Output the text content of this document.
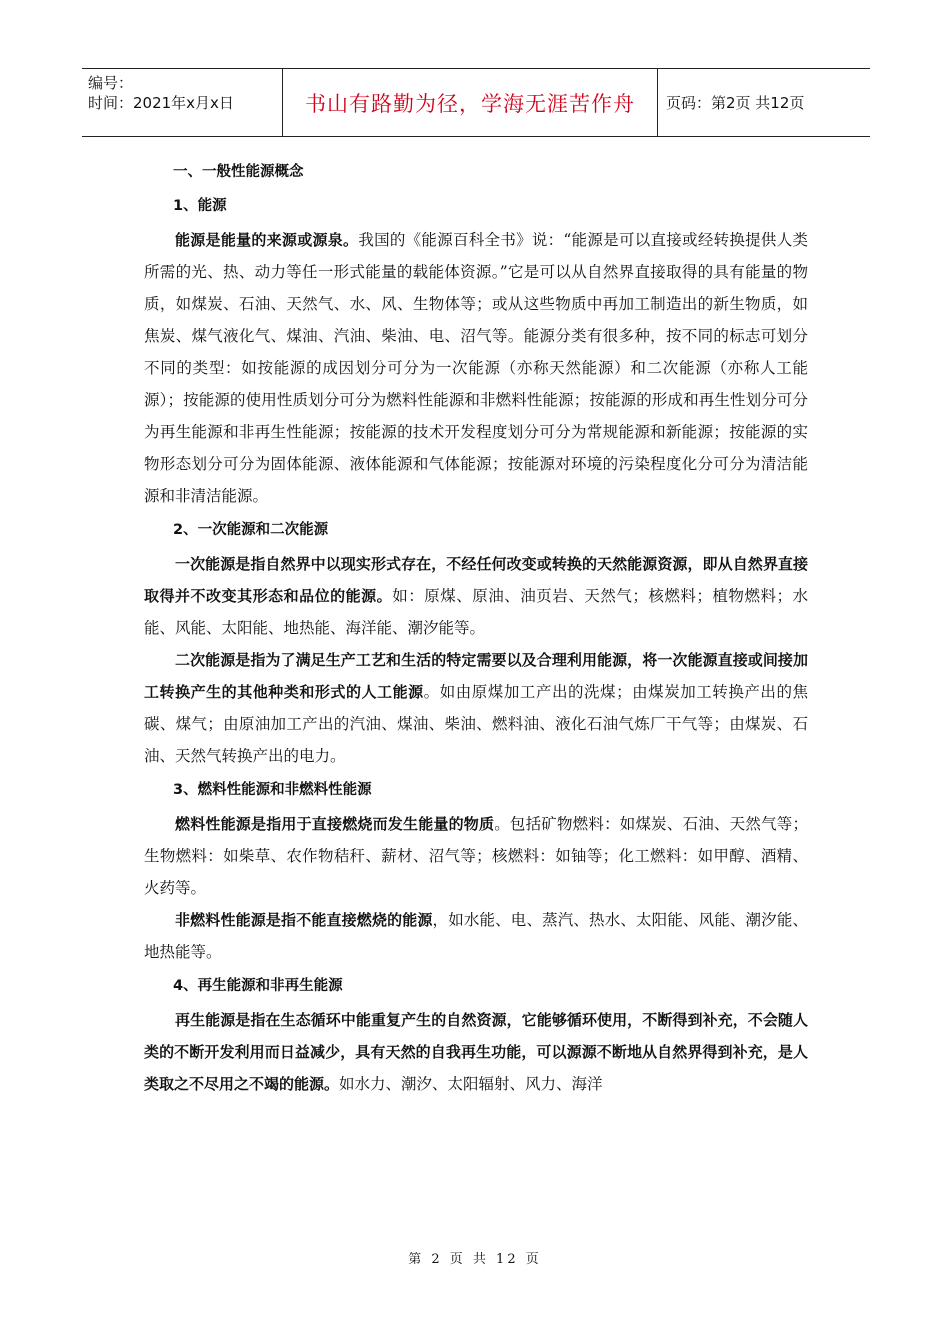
编号：
时间：2021年x月x日	书山有路勤为径，学海无涯苦作舟	页码：第2页 共12页

一、一般性能源概念

1、能源

能源是能量的来源或源泉。我国的《能源百科全书》说：“能源是可以直接或经转换提供人类所需的光、热、动力等任一形式能量的载能体资源。”它是可以从自然界直接取得的具有能量的物质，如煤炭、石油、天然气、水、风、生物体等；或从这些物质中再加工制造出的新生物质，如焦炭、煤气液化气、煤油、汽油、柴油、电、沼气等。能源分类有很多种，按不同的标志可划分不同的类型：如按能源的成因划分可分为一次能源（亦称天然能源）和二次能源（亦称人工能源）；按能源的使用性质划分可分为燃料性能源和非燃料性能源；按能源的形成和再生性划分可分为再生能源和非再生性能源；按能源的技术开发程度划分可分为常规能源和新能源；按能源的实物形态划分可分为固体能源、液体能源和气体能源；按能源对环境的污染程度化分可分为清洁能源和非清洁能源。

2、一次能源和二次能源

一次能源是指自然界中以现实形式存在，不经任何改变或转换的天然能源资源，即从自然界直接取得并不改变其形态和品位的能源。如：原煤、原油、油页岩、天然气；核燃料；植物燃料；水能、风能、太阳能、地热能、海洋能、潮汐能等。

二次能源是指为了满足生产工艺和生活的特定需要以及合理利用能源，将一次能源直接或间接加工转换产生的其他种类和形式的人工能源。如由原煤加工产出的洗煤；由煤炭加工转换产出的焦碳、煤气；由原油加工产出的汽油、煤油、柴油、燃料油、液化石油气炼厂干气等；由煤炭、石油、天然气转换产出的电力。

3、燃料性能源和非燃料性能源

燃料性能源是指用于直接燃烧而发生能量的物质。包括矿物燃料：如煤炭、石油、天然气等；生物燃料：如柴草、农作物秸秆、薪材、沼气等；核燃料：如铀等；化工燃料：如甲醇、酒精、火药等。

非燃料性能源是指不能直接燃烧的能源，如水能、电、蒸汽、热水、太阳能、风能、潮汐能、地热能等。

4、再生能源和非再生能源

再生能源是指在生态循环中能重复产生的自然资源，它能够循环使用，不断得到补充，不会随人类的不断开发利用而日益减少，具有天然的自我再生功能，可以源源不断地从自然界得到补充，是人类取之不尽用之不竭的能源。如水力、潮汐、太阳辐射、风力、海洋

第 2 页 共 12 页
